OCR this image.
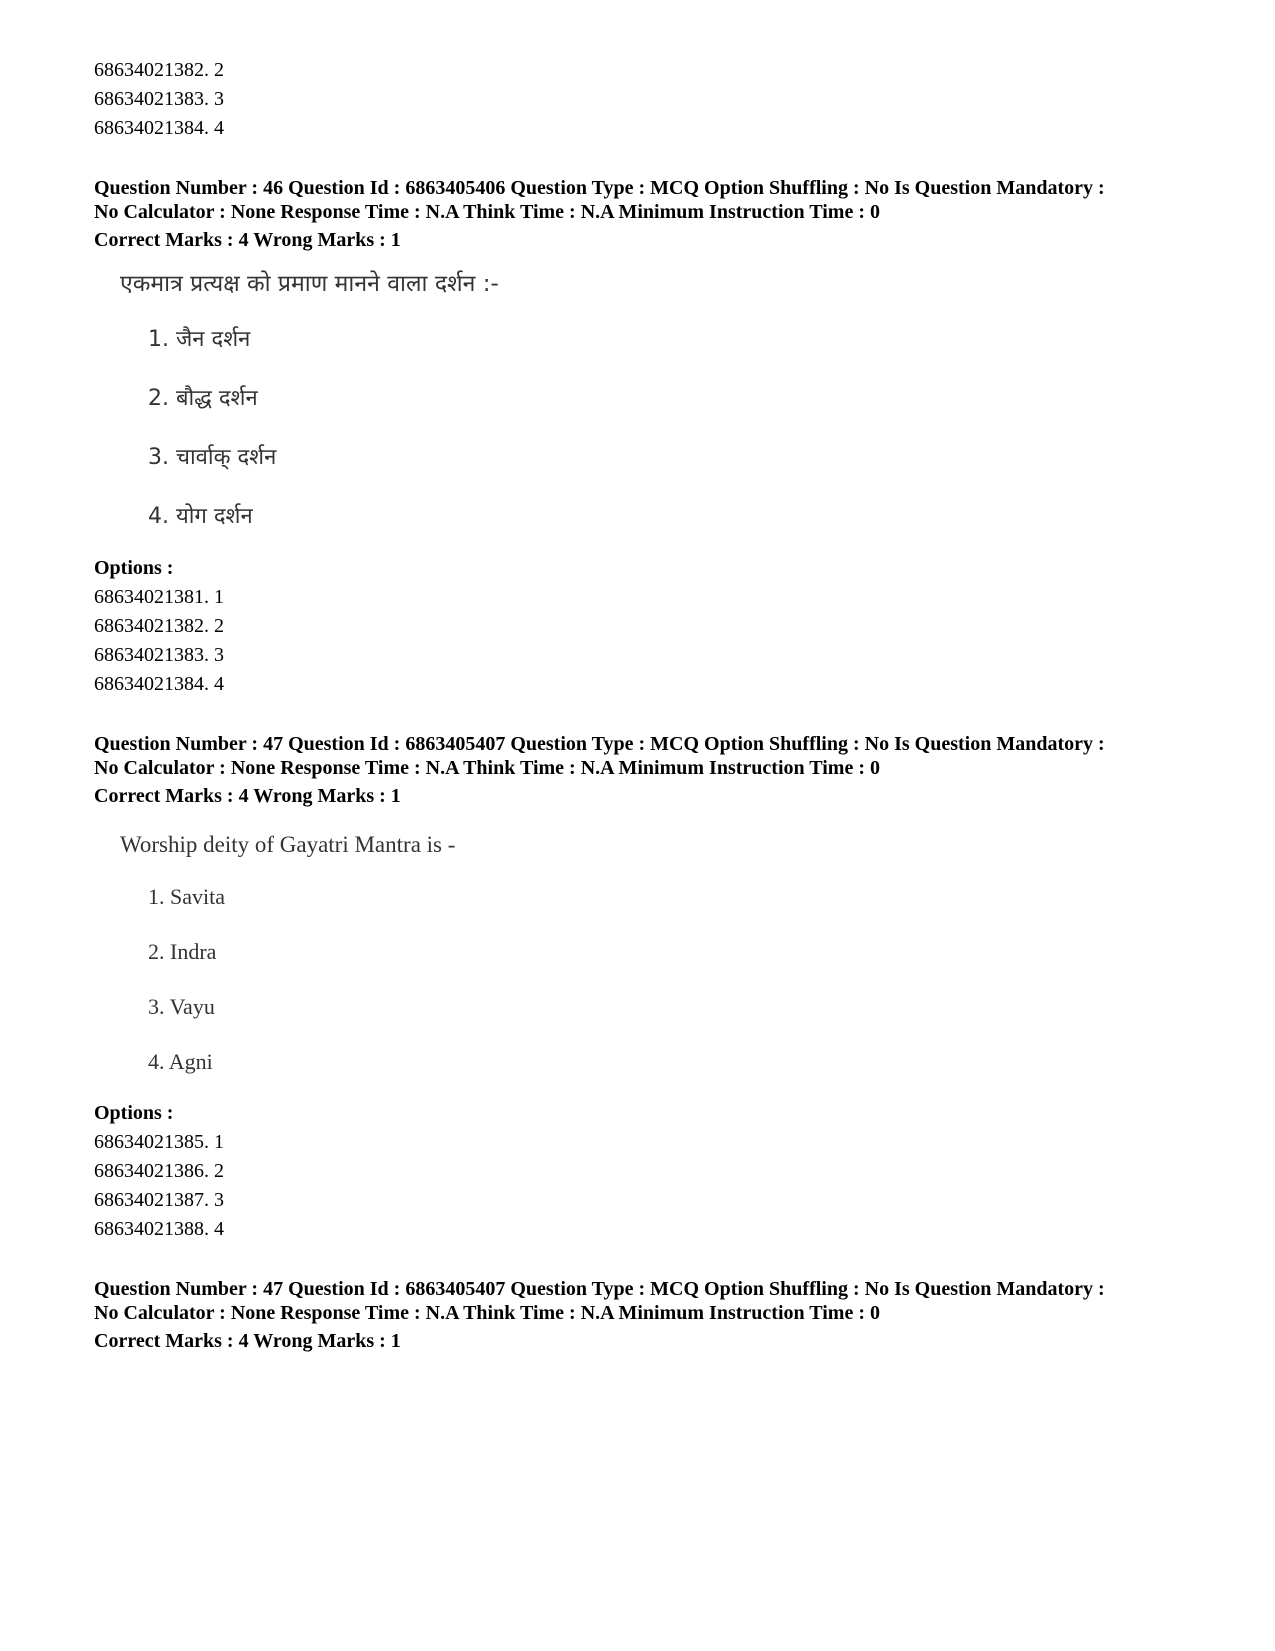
68634021382. 2
68634021383. 3
68634021384. 4
Question Number : 46 Question Id : 6863405406 Question Type : MCQ Option Shuffling : No Is Question Mandatory :
No Calculator : None Response Time : N.A Think Time : N.A Minimum Instruction Time : 0
Correct Marks : 4 Wrong Marks : 1
एकमात्र प्रत्यक्ष को प्रमाण मानने वाला दर्शन :-
1. जैन दर्शन
2. बौद्ध दर्शन
3. चार्वाक् दर्शन
4. योग दर्शन
Options :
68634021381. 1
68634021382. 2
68634021383. 3
68634021384. 4
Question Number : 47 Question Id : 6863405407 Question Type : MCQ Option Shuffling : No Is Question Mandatory :
No Calculator : None Response Time : N.A Think Time : N.A Minimum Instruction Time : 0
Correct Marks : 4 Wrong Marks : 1
Worship deity of Gayatri Mantra is -
1. Savita
2. Indra
3. Vayu
4. Agni
Options :
68634021385. 1
68634021386. 2
68634021387. 3
68634021388. 4
Question Number : 47 Question Id : 6863405407 Question Type : MCQ Option Shuffling : No Is Question Mandatory :
No Calculator : None Response Time : N.A Think Time : N.A Minimum Instruction Time : 0
Correct Marks : 4 Wrong Marks : 1
